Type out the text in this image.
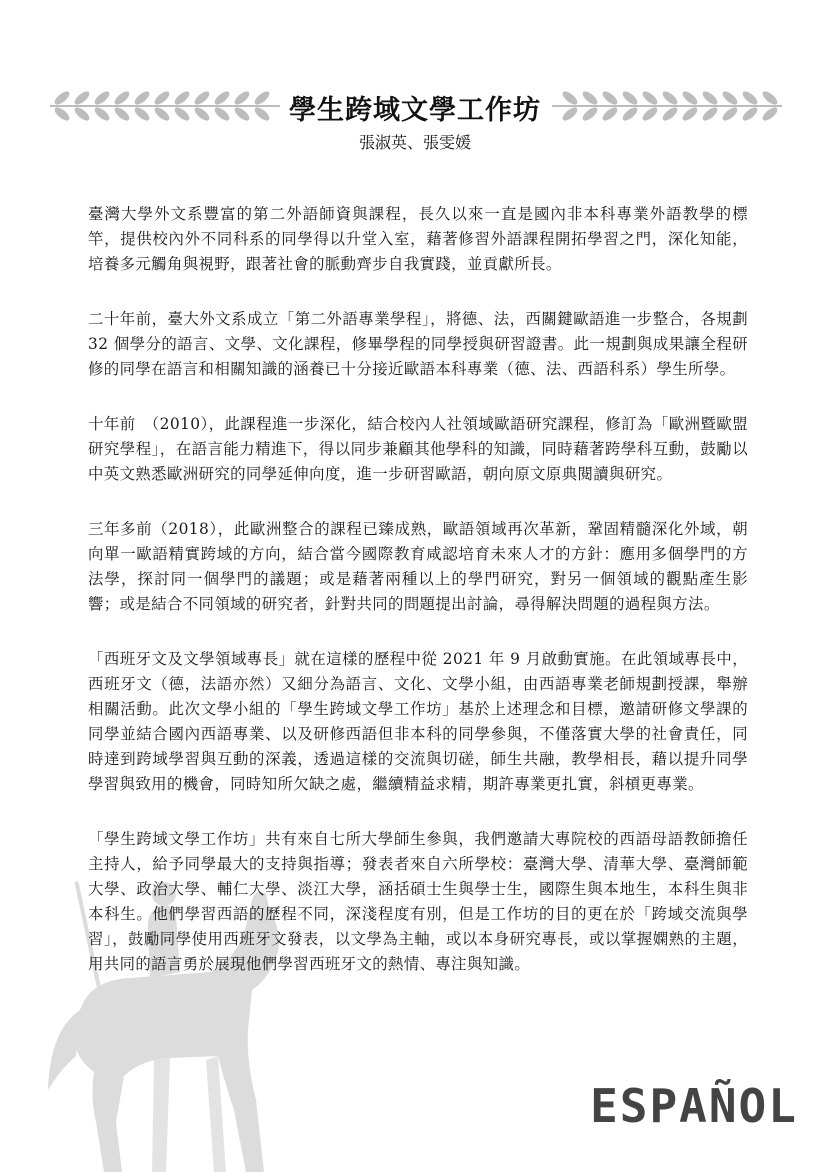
ESPAÑOL
學生跨域文學工作坊
張淑英、張雯媛

臺灣大學外文系豐富的第二外語師資與課程，長久以來一直是國內非本科專業外語教學的標竿，提供校內外不同科系的同學得以升堂入室，藉著修習外語課程開拓學習之門，深化知能，培養多元觸角與視野，跟著社會的脈動齊步自我實踐，並貢獻所長。

二十年前，臺大外文系成立「第二外語專業學程」，將德、法，西關鍵歐語進一步整合，各規劃 32 個學分的語言、文學、文化課程，修畢學程的同學授與研習證書。此一規劃與成果讓全程研修的同學在語言和相關知識的涵養已十分接近歐語本科專業（德、法、西語科系）學生所學。

十年前　（2010），此課程進一步深化，結合校內人社領域歐語研究課程，修訂為「歐洲暨歐盟研究學程」，在語言能力精進下，得以同步兼顧其他學科的知識，同時藉著跨學科互動，鼓勵以中英文熟悉歐洲研究的同學延伸向度，進一步研習歐語，朝向原文原典閱讀與研究。

三年多前（2018），此歐洲整合的課程已臻成熟，歐語領域再次革新，鞏固精髓深化外域，朝向單一歐語精實跨域的方向，結合當今國際教育咸認培育未來人才的方針：應用多個學門的方法學，探討同一個學門的議題；或是藉著兩種以上的學門研究，對另一個領域的觀點產生影響；或是結合不同領域的研究者，針對共同的問題提出討論，尋得解決問題的過程與方法。

「西班牙文及文學領域專長」就在這樣的歷程中從 2021 年 9 月啟動實施。在此領域專長中，西班牙文（德，法語亦然）又細分為語言、文化、文學小組，由西語專業老師規劃授課，舉辦相關活動。此次文學小組的「學生跨域文學工作坊」基於上述理念和目標，邀請研修文學課的同學並結合國內西語專業、以及研修西語但非本科的同學參與，不僅落實大學的社會責任，同時達到跨域學習與互動的深義，透過這樣的交流與切磋，師生共融，教學相長，藉以提升同學學習與致用的機會，同時知所欠缺之處，繼續精益求精，期許專業更扎實，斜槓更專業。

「學生跨域文學工作坊」共有來自七所大學師生參與，我們邀請大專院校的西語母語教師擔任主持人，給予同學最大的支持與指導；發表者來自六所學校：臺灣大學、清華大學、臺灣師範大學、政治大學、輔仁大學、淡江大學，涵括碩士生與學士生，國際生與本地生，本科生與非本科生。他們學習西語的歷程不同，深淺程度有別，但是工作坊的目的更在於「跨域交流與學習」，鼓勵同學使用西班牙文發表，以文學為主軸，或以本身研究專長，或以掌握嫻熟的主題，用共同的語言勇於展現他們學習西班牙文的熱情、專注與知識。
